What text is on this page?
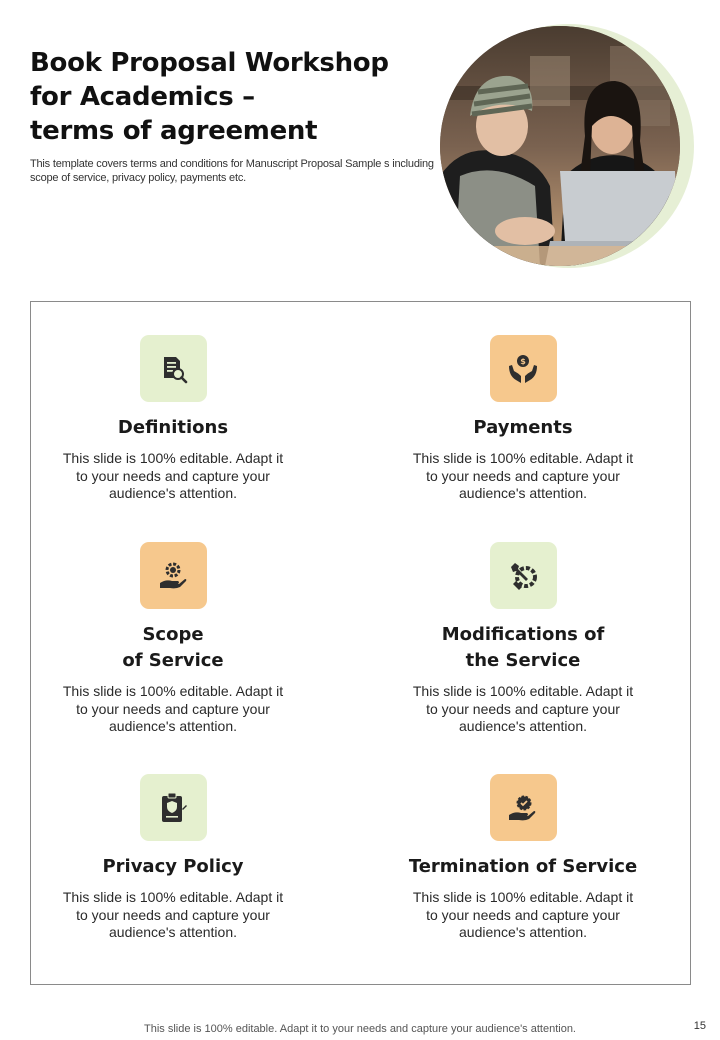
Book Proposal Workshop
for Academics –
terms of agreement
This template covers terms and conditions for Manuscript Proposal Sample s including scope of service, privacy policy, payments etc.
Definitions
This slide is 100% editable. Adapt it to your needs and capture your audience's attention.
$
Payments
This slide is 100% editable. Adapt it to your needs and capture your audience's attention.
Scope
of Service
This slide is 100% editable. Adapt it to your needs and capture your audience's attention.
Modifications of
the Service
This slide is 100% editable. Adapt it to your needs and capture your audience's attention.
Privacy Policy
This slide is 100% editable. Adapt it to your needs and capture your audience's attention.
Termination of Service
This slide is 100% editable. Adapt it to your needs and capture your audience's attention.
This slide is 100% editable. Adapt it to your needs and capture your audience's attention.	15
